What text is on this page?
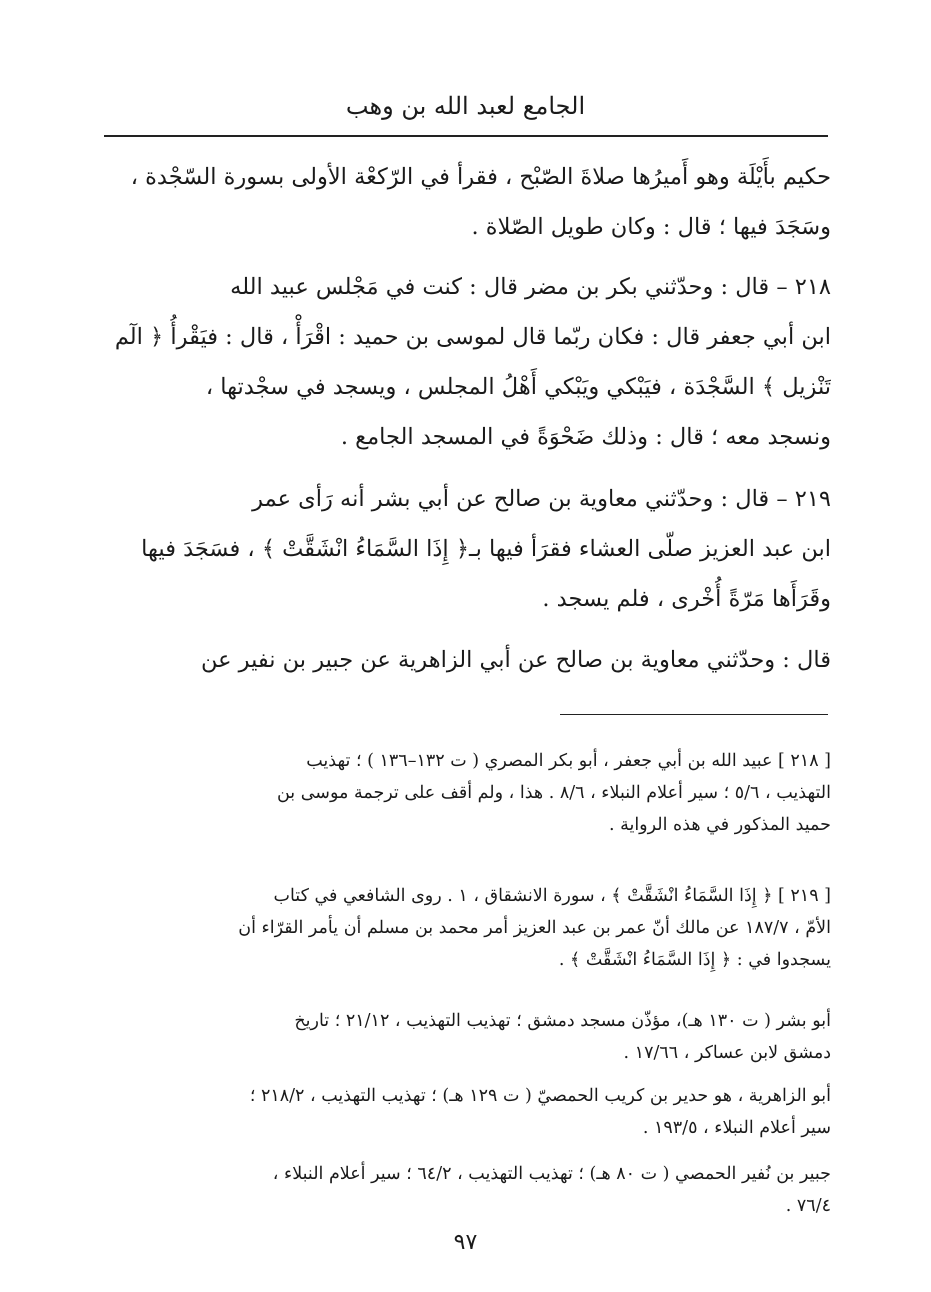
الجامع لعبد الله بن وهب
حكيم بأَيْلَة وهو أَميرُها صلاةَ الصّبْح ، فقرأ في الرّكعْة الأولى بسورة السّجْدة ،
وسَجَدَ فيها ؛ قال : وكان طويل الصّلاة .
٢١٨ – قال : وحدّثني بكر بن مضر قال : كنت في مَجْلس عبيد الله
ابن أبي جعفر قال : فكان ربّما قال لموسى بن حميد : اقْرَأْ ، قال : فيَقْرأُ ﴿ الٓم
تَنْزيل ﴾ السَّجْدَة ، فيَبْكي ويَبْكي أَهْلُ المجلس ، ويسجد في سجْدتها ،
ونسجد معه ؛ قال : وذلك ضَحْوَةً في المسجد الجامع .
٢١٩ – قال : وحدّثني معاوية بن صالح عن أبي بشر أنه رَأى عمر
ابن عبد العزيز صلّى العشاء فقرَأ فيها بـ﴿ إِذَا السَّمَاءُ انْشَقَّتْ ﴾ ، فسَجَدَ فيها
وقَرَأَها مَرّةً أُخْرى ، فلم يسجد .
قال : وحدّثني معاوية بن صالح عن أبي الزاهرية عن جبير بن نفير عن
[ ٢١٨ ] عبيد الله بن أبي جعفر ، أبو بكر المصري ( ت ١٣٢–١٣٦ ) ؛ تهذيب
التهذيب ، ٥/٦ ؛ سير أعلام النبلاء ، ٨/٦ . هذا ، ولم أقف على ترجمة موسى بن
حميد المذكور في هذه الرواية .
[ ٢١٩ ] ﴿ إِذَا السَّمَاءُ انْشَقَّتْ ﴾ ، سورة الانشقاق ، ١ . روى الشافعي في كتاب
الأمّ ، ١٨٧/٧ عن مالك أنّ عمر بن عبد العزيز أمر محمد بن مسلم أن يأمر القرّاء أن
يسجدوا في : ﴿ إِذَا السَّمَاءُ انْشَقَّتْ ﴾ .
أبو بشر ( ت ١٣٠ هـ)، مؤذّن مسجد دمشق ؛ تهذيب التهذيب ، ٢١/١٢ ؛ تاريخ
دمشق لابن عساكر ، ١٧/٦٦ .
أبو الزاهرية ، هو حدير بن كريب الحمصيّ ( ت ١٢٩ هـ) ؛ تهذيب التهذيب ، ٢١٨/٢ ؛
سير أعلام النبلاء ، ١٩٣/٥ .
جبير بن نُفير الحمصي ( ت ٨٠ هـ) ؛ تهذيب التهذيب ، ٦٤/٢ ؛ سير أعلام النبلاء ،
٧٦/٤ .
٩٧
